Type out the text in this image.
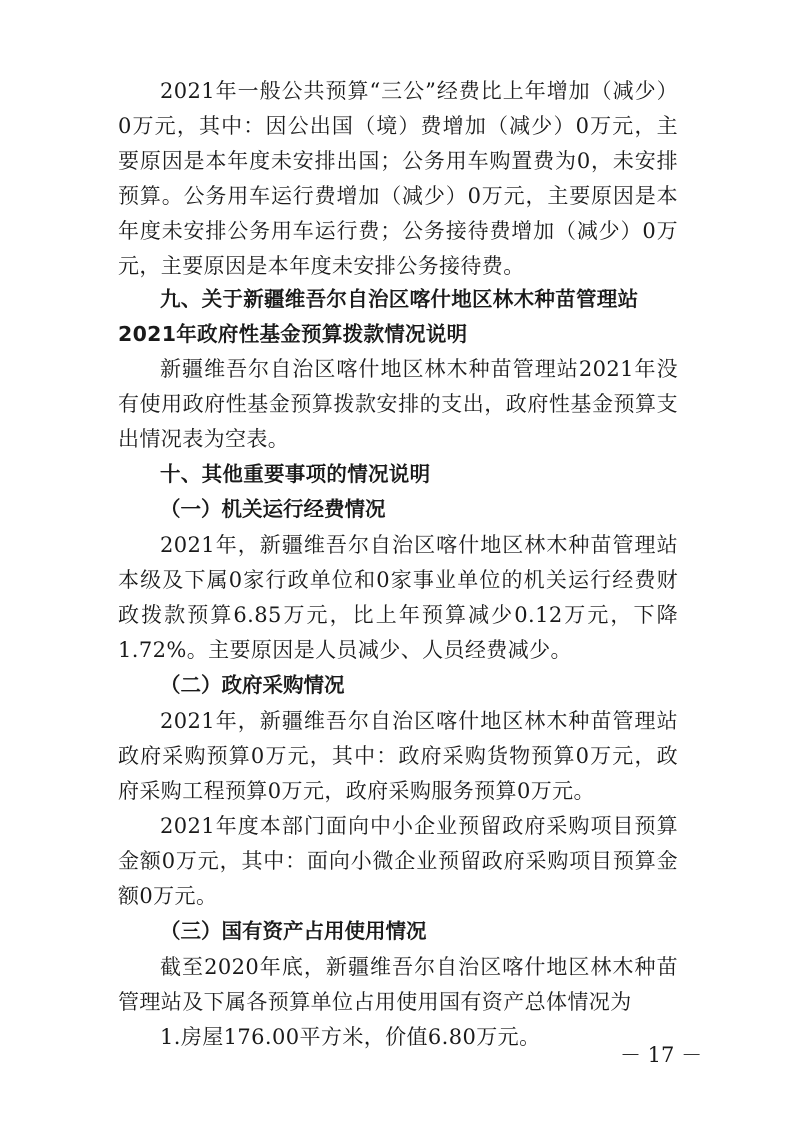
2021年一般公共预算“三公”经费比上年增加（减少）0万元，其中：因公出国（境）费增加（减少）0万元，主要原因是本年度未安排出国；公务用车购置费为0，未安排预算。公务用车运行费增加（减少）0万元，主要原因是本年度未安排公务用车运行费；公务接待费增加（减少）0万元，主要原因是本年度未安排公务接待费。

九、关于新疆维吾尔自治区喀什地区林木种苗管理站

2021年政府性基金预算拨款情况说明

新疆维吾尔自治区喀什地区林木种苗管理站2021年没有使用政府性基金预算拨款安排的支出，政府性基金预算支出情况表为空表。

十、其他重要事项的情况说明

（一）机关运行经费情况

2021年，新疆维吾尔自治区喀什地区林木种苗管理站本级及下属0家行政单位和0家事业单位的机关运行经费财政拨款预算6.85万元，比上年预算减少0.12万元，下降1.72%。主要原因是人员减少、人员经费减少。

（二）政府采购情况

2021年，新疆维吾尔自治区喀什地区林木种苗管理站政府采购预算0万元，其中：政府采购货物预算0万元，政府采购工程预算0万元，政府采购服务预算0万元。

2021年度本部门面向中小企业预留政府采购项目预算金额0万元，其中：面向小微企业预留政府采购项目预算金额0万元。

（三）国有资产占用使用情况

截至2020年底，新疆维吾尔自治区喀什地区林木种苗管理站及下属各预算单位占用使用国有资产总体情况为

1.房屋176.00平方米，价值6.80万元。

－ 17 －
